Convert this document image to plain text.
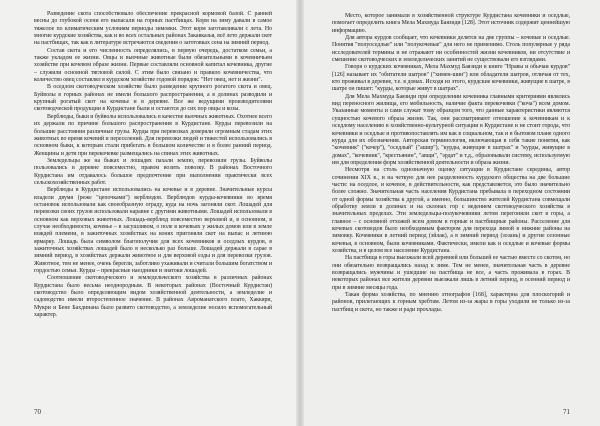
Разведение скота способствовало обеспечение прекрасной кормовой базой. С ранней весны до глубокой осени его выпасали на горных пастбищах. Корм на зиму давали в самое тяжелое по климатическим условиям периоды зимовки. Этот корм заготавливали с лета. Но многие курдские хозяйства, как и во всех остальных районах Закавказья, всё лето держали скот на пастбищах, так как в литературе встречаются сведения о заготовках сена на зимний период.

Состав скота и его численность определялись, в первую очередь, достатком семьи, а также укладом ее жизни. Овцы и вьючные животные были обязательными в кочевничьем хозяйстве при кочевом образе жизни. Первые составляли основной капитал кочевника, другие – служили основной тягловой силой. С этим было связано и правило кочевничества, что количество овец составлял в курдском хозяйстве годовой порядок: "Нет овец, нет и жизни".

В оседлом скотоводческом хозяйстве было разведение крупного рогатого скота и овец. Буйволы в горных районах не имели большого распространения, а в долинах разводили и крупный рогатый скот на кочевье и в деревне. Все же ведущими производителями скотоводческой продукции в Курдистане были и остаются до сих пор овцы и козы.

Верблюды, быки и буйволы использовались в качестве вьючных животных. Охотнее всего их держали по причине большого распространения в Курдистане. Курды перевозили на большие расстояния различные грузы. Курды при перевозках доверяли огромным стадам этих животных во время кочевий и переселений. Для перевозки людей и тяжестей использовались в основном быки, к которым стали прибегать в большом количестве и в более ранний период. Женщины и дети при перекочевке размещались на спинах этих животных.

Земледельцы же на быках и лошадях пахали землю, перевозили грузы. Буйволы пользовались в деревне повсеместно, правом возить повозку. В районах Восточного Курдистана им отдавалось большое предпочтение при выполнении практически всех сельскохозяйственных работ.

Верблюды в Курдистане использовались на кочевье и в деревне. Значительные курсы владели двумя (реже "цепочками") верблюдов. Верблюдов курды-кочевники во время остановок использовали как своеобразную ограду, куда на ночь загоняли скот. Лошадей для перевозки своих грузов использовали наравне с другими животными. Лошадей использовали в основном как верховых животных. Лошадь-верблюд повсеместно верховой и, в основном, в случае необходимости, кочевье – в засушливом, о поле в кочевьях у жилых домов или в земле вождей племени, в зажиточных хозяйствах на конях пригоняли скот на выпас и летнюю ярмарку. Лошадь была символом благополучия для всех кочевников и оседлых курдов, в зажиточных хозяйствах лошадей было в несколько раз больше. Лошадей держали в сарае в зимний период, в хозяйствах держали животное и для верховой езды и для перевозки грузов. Животное, тем не менее, очень берегли, заботливо ухаживали и считали большим богатством и гордостью семьи. Курды – прекрасные наездники и знатоки лошадей.

Соотношение скотоводческого и земледельческого хозяйства в различных районах Курдистана было весьма неоднородным. В некоторых районах (Восточный Курдистан) скотоводство было определяющим видом хозяйственной деятельности, а земледелие и садоводство имели второстепенное значение. В районах Авроманатского плато, Хаккяри, Мукри и Бене Бахдинана было развито скотоводство, а земледелие носило вспомогательный характер.

70

Место, которое занимали в хозяйственной структуре Курдистана кочевники и оседлые, помогает определить книга Мела Махмуда Баязиди [128]. Этот источник содержит ценнейшую информацию.

Для автора курдов сообщает, что кочевники делятся на две группы – кочевые и оседлые. Понятия "полуоседлые" или "полукочевые" для него не применимо. Столь популярные у ряда исследователей термины и не отражают ни особенностей жизни кочевников, ни отсутствие и смешение скотоводческих и земледельческих занятий не существовали его взглядами.

Говоря о курдских кочевниках, Мела Махмуд Баязиди в книге "Нравы и обычаи курдов" [126] называет их "обитатели шатров" ("химен-шин") или обладатели шатров, отличая от тех, кто проживал в деревне, т.е. в домах. Исходя из этого, курдские кочевники, живущие в шатре, в шатре он пишет: "курды, которые живут в шатрах".

Для Мела Махмуда Баязиди при определении кочевника главными критериями являлись вид переносного жилища, его мобильность, наличие факта перекочевки ("коча") всем домом. Указанные моменты и сами служат тому образцом того, что данные характеристики являются сущностью кочевого образа жизни. Так, они рассматривают отношение к кочевникам и к оседлому населению в хозяйственно-культурной ситуации в Курдистане и не стоит города, что кочевники и оседлые и противопоставлять им как в социальном, так и в бытовом плане одного курда для их обозначения. Авторская терминология, включающая в себя такие понятия, как "кочевник" ("кочер"), "оседлый" ("ашир"), "курды, живущие в шатрах" и "курды, живущие в домах", "кочевник", "крестьянин", "авщи", "эрдат" и т.д., образовывали систему, используемую им для определения форм хозяйственной деятельности и образа жизни.

Несмотря на столь однозначную оценку ситуации в Курдистане середины, автор сочинения XIX в., и на четкую для нее разделенность курдского общества на две большие части: на оседлое, и кочевое, в действительности, как представляется, это было значительно более сложно. Значительная часть населения Курдистана пребывала в переходном состоянии от одной формы хозяйства к другой, а именно, большинство жителей Курдистана совмещали обработку земли в долинах и на склонах гор с ведением скотоводческого хозяйства в значительных пределах. Эти земледельцы-полукочевники летом перегоняли скот в горы, а главное – с основной отхожей всем домом в горные и пастбищные районы. Расселение для кочевых скотоводов было необходимым фактором для перехода зимой в нижние районы на зимовку. Кочевники в летний период (эйлак), а в зимний период (зозань) и другие сезонные кочевья, в основном, были кочевниками. Фактически, имели как и оседлые и кочевые формы хозяйства, и в целом все население Курдистана.

На пастбища в горы выезжали всей деревней или большей ее частью вместе со скотом, но они обязательно возвращались назад к зиме. Тем не менее, значительная часть в деревне возвращались мужчины и ушедшие на пастбища не все, а часть проживала в горах. В некоторых районах все жители деревни выезжали лишь в летний период, в осенний период и при в зимние месяцы года.

Такая форма хозяйства, по мнению этнографов [168], характерна для плоскогорий и районов, прилегающих к горным хребтам. Летом из-за жары в горы уходили не только из-за пастбищ и скота, но также и ради прохлады.

71
